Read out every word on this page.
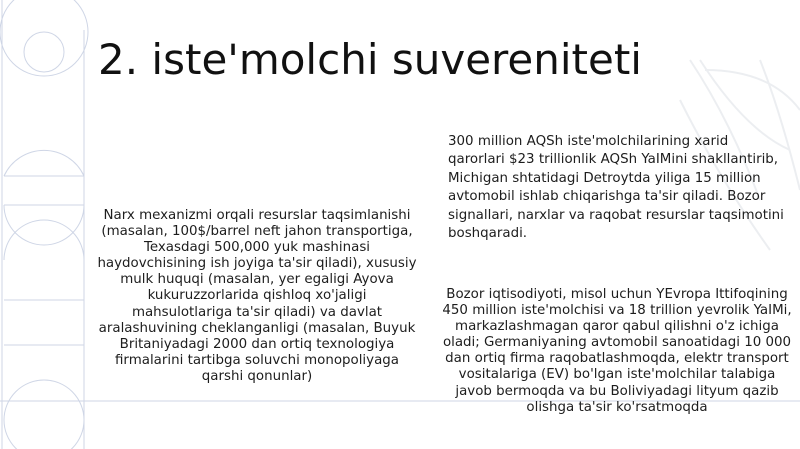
2. iste'molchi suvereniteti
Narx mexanizmi orqali resurslar taqsimlanishi (masalan, 100$/barrel neft jahon transportiga, Texasdagi 500,000 yuk mashinasi haydovchisining ish joyiga ta'sir qiladi), xususiy mulk huquqi (masalan, yer egaligi Ayova kukuruzzorlarida qishloq xo'jaligi mahsulotlariga ta'sir qiladi) va davlat aralashuvining cheklanganligi (masalan, Buyuk Britaniyadagi 2000 dan ortiq texnologiya firmalarini tartibga soluvchi monopoliyaga qarshi qonunlar)
300 million AQSh iste'molchilarining xarid qarorlari $23 trillionlik AQSh YaIMini shakllantirib, Michigan shtatidagi Detroytda yiliga 15 million avtomobil ishlab chiqarishga ta'sir qiladi. Bozor signallari, narxlar va raqobat resurslar taqsimotini boshqaradi.
Bozor iqtisodiyoti, misol uchun YEvropa Ittifoqining 450 million iste'molchisi va 18 trillion yevrolik YaIMi, markazlashmagan qaror qabul qilishni o'z ichiga oladi; Germaniyaning avtomobil sanoatidagi 10 000 dan ortiq firma raqobatlashmoqda, elektr transport vositalariga (EV) bo'lgan iste'molchilar talabiga javob bermoqda va bu Boliviyadagi lityum qazib olishga ta'sir ko'rsatmoqda
